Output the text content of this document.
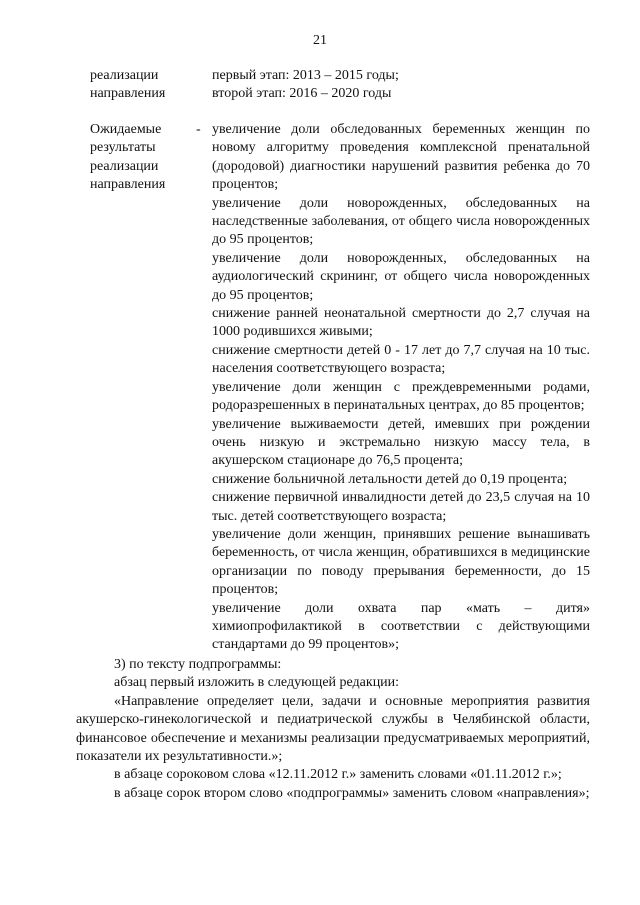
21
реализации
направления
первый этап: 2013 – 2015 годы;
второй этап: 2016 – 2020 годы
Ожидаемые
результаты
реализации
направления
- увеличение доли обследованных беременных женщин по новому алгоритму проведения комплексной пренатальной (дородовой) диагностики нарушений развития ребенка до 70 процентов;
увеличение доли новорожденных, обследованных на наследственные заболевания, от общего числа новорожденных до 95 процентов;
увеличение доли новорожденных, обследованных на аудиологический скрининг, от общего числа новорожденных до 95 процентов;
снижение ранней неонатальной смертности до 2,7 случая на 1000 родившихся живыми;
снижение смертности детей 0 - 17 лет до 7,7 случая на 10 тыс. населения соответствующего возраста;
увеличение доли женщин с преждевременными родами, родоразрешенных в перинатальных центрах, до 85 процентов;
увеличение выживаемости детей, имевших при рождении очень низкую и экстремально низкую массу тела, в акушерском стационаре до 76,5 процента;
снижение больничной летальности детей до 0,19 процента;
снижение первичной инвалидности детей до 23,5 случая на 10 тыс. детей соответствующего возраста;
увеличение доли женщин, принявших решение вынашивать беременность, от числа женщин, обратившихся в медицинские организации по поводу прерывания беременности, до 15 процентов;
увеличение доли охвата пар «мать – дитя» химиопрофилактикой в соответствии с действующими стандартами до 99 процентов»;
3) по тексту подпрограммы:
абзац первый изложить в следующей редакции:
«Направление определяет цели, задачи и основные мероприятия развития акушерско-гинекологической и педиатрической службы в Челябинской области, финансовое обеспечение и механизмы реализации предусматриваемых мероприятий, показатели их результативности.»;
в абзаце сороковом слова «12.11.2012 г.» заменить словами «01.11.2012 г.»;
в абзаце сорок втором слово «подпрограммы» заменить словом «направления»;
